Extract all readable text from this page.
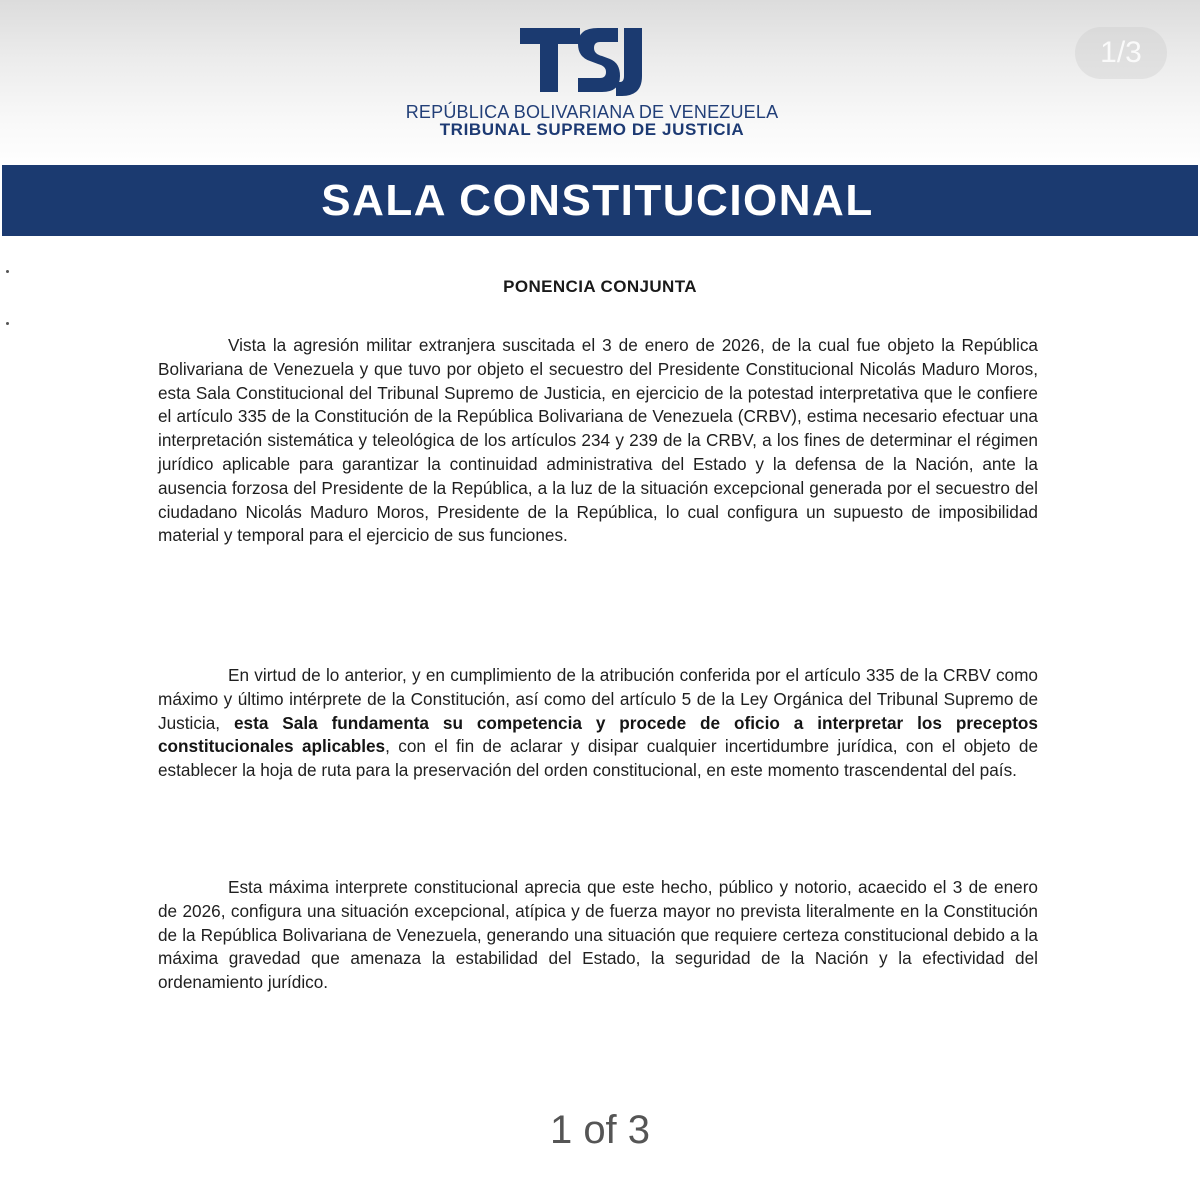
REPÚBLICA BOLIVARIANA DE VENEZUELA
TRIBUNAL SUPREMO DE JUSTICIA
SALA CONSTITUCIONAL
PONENCIA CONJUNTA

Vista la agresión militar extranjera suscitada el 3 de enero de 2026, de la cual fue objeto la República Bolivariana de Venezuela y que tuvo por objeto el secuestro del Presidente Constitucional Nicolás Maduro Moros, esta Sala Constitucional del Tribunal Supremo de Justicia, en ejercicio de la potestad interpretativa que le confiere el artículo 335 de la Constitución de la República Bolivariana de Venezuela (CRBV), estima necesario efectuar una interpretación sistemática y teleológica de los artículos 234 y 239 de la CRBV, a los fines de determinar el régimen jurídico aplicable para garantizar la continuidad administrativa del Estado y la defensa de la Nación, ante la ausencia forzosa del Presidente de la República, a la luz de la situación excepcional generada por el secuestro del ciudadano Nicolás Maduro Moros, Presidente de la República, lo cual configura un supuesto de imposibilidad material y temporal para el ejercicio de sus funciones.

En virtud de lo anterior, y en cumplimiento de la atribución conferida por el artículo 335 de la CRBV como máximo y último intérprete de la Constitución, así como del artículo 5 de la Ley Orgánica del Tribunal Supremo de Justicia, esta Sala fundamenta su competencia y procede de oficio a interpretar los preceptos constitucionales aplicables, con el fin de aclarar y disipar cualquier incertidumbre jurídica, con el objeto de establecer la hoja de ruta para la preservación del orden constitucional, en este momento trascendental del país.

Esta máxima interprete constitucional aprecia que este hecho, público y notorio, acaecido el 3 de enero de 2026, configura una situación excepcional, atípica y de fuerza mayor no prevista literalmente en la Constitución de la República Bolivariana de Venezuela, generando una situación que requiere certeza constitucional debido a la máxima gravedad que amenaza la estabilidad del Estado, la seguridad de la Nación y la efectividad del ordenamiento jurídico.

1/3
1 of 3
